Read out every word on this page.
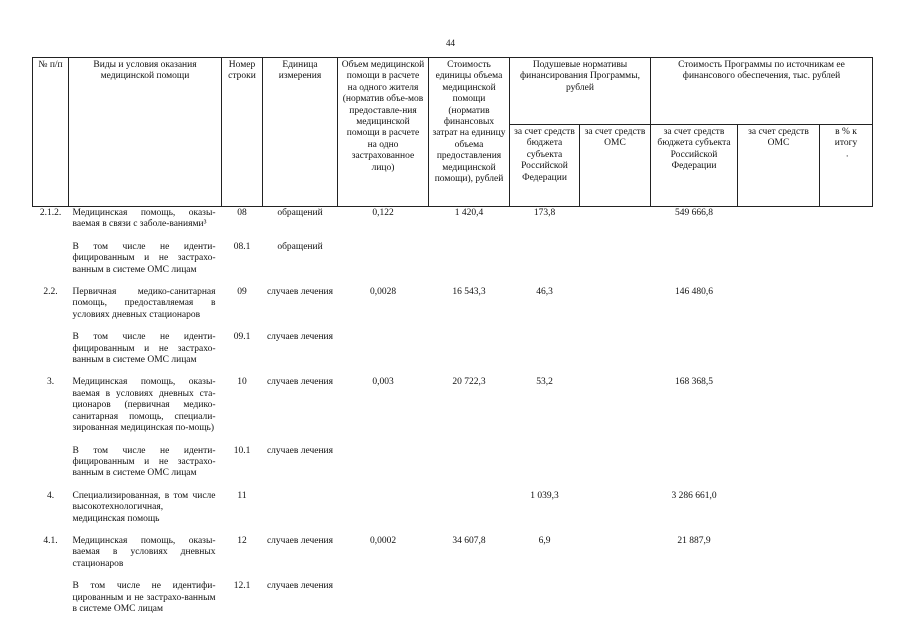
44
№ п/п	Виды и условия оказания медицинской помощи	Номер строки	Единица измерения	Объем медицинской помощи в расчете на одного жителя (норматив объе-мов предоставле-ния медицинской помощи в расчете на одно застрахованное лицо)	Стоимость единицы объема медицинской помощи (норматив финансовых затрат на единицу объема предоставления медицинской помощи), рублей	Подушевые нормативы финансирования Программы, рублей		Стоимость Программы по источникам ее финансового обеспечения, тыс. рублей		
						за счет средств бюджета субъекта Российской Федерации	за счет средств ОМС	за счет средств бюджета субъекта Российской Федерации	за счет средств ОМС	в % к итогу
·

2.1.2.	Медицинская помощь, оказы-ваемая в связи с заболе-ваниями³	08	обращений	0,122	1 420,4	173,8		549 666,8		
	В том числе не иденти-фицированным и не застрахо-ванным в системе ОМС лицам	08.1	обращений							
2.2.	Первичная медико-санитарная помощь, предоставляемая в условиях дневных стационаров	09	случаев лечения	0,0028	16 543,3	46,3		146 480,6		
	В том числе не иденти-фицированным и не застрахо-ванным в системе ОМС лицам	09.1	случаев лечения							
3.	Медицинская помощь, оказы-ваемая в условиях дневных ста-ционаров (первичная медико-санитарная помощь, специали-зированная медицинская по-мощь)	10	случаев лечения	0,003	20 722,3	53,2		168 368,5		
	В том числе не иденти-фицированным и не застрахо-ванным в системе ОМС лицам	10.1	случаев лечения							
4.	Специализированная, в том числе высокотехнологичная, медицинская помощь	11				1 039,3		3 286 661,0		
4.1.	Медицинская помощь, оказы-ваемая в условиях дневных стационаров	12	случаев лечения	0,0002	34 607,8	6,9		21 887,9		
	В том числе не идентифи-цированным и не застрахо-ванным в системе ОМС лицам	12.1	случаев лечения							
